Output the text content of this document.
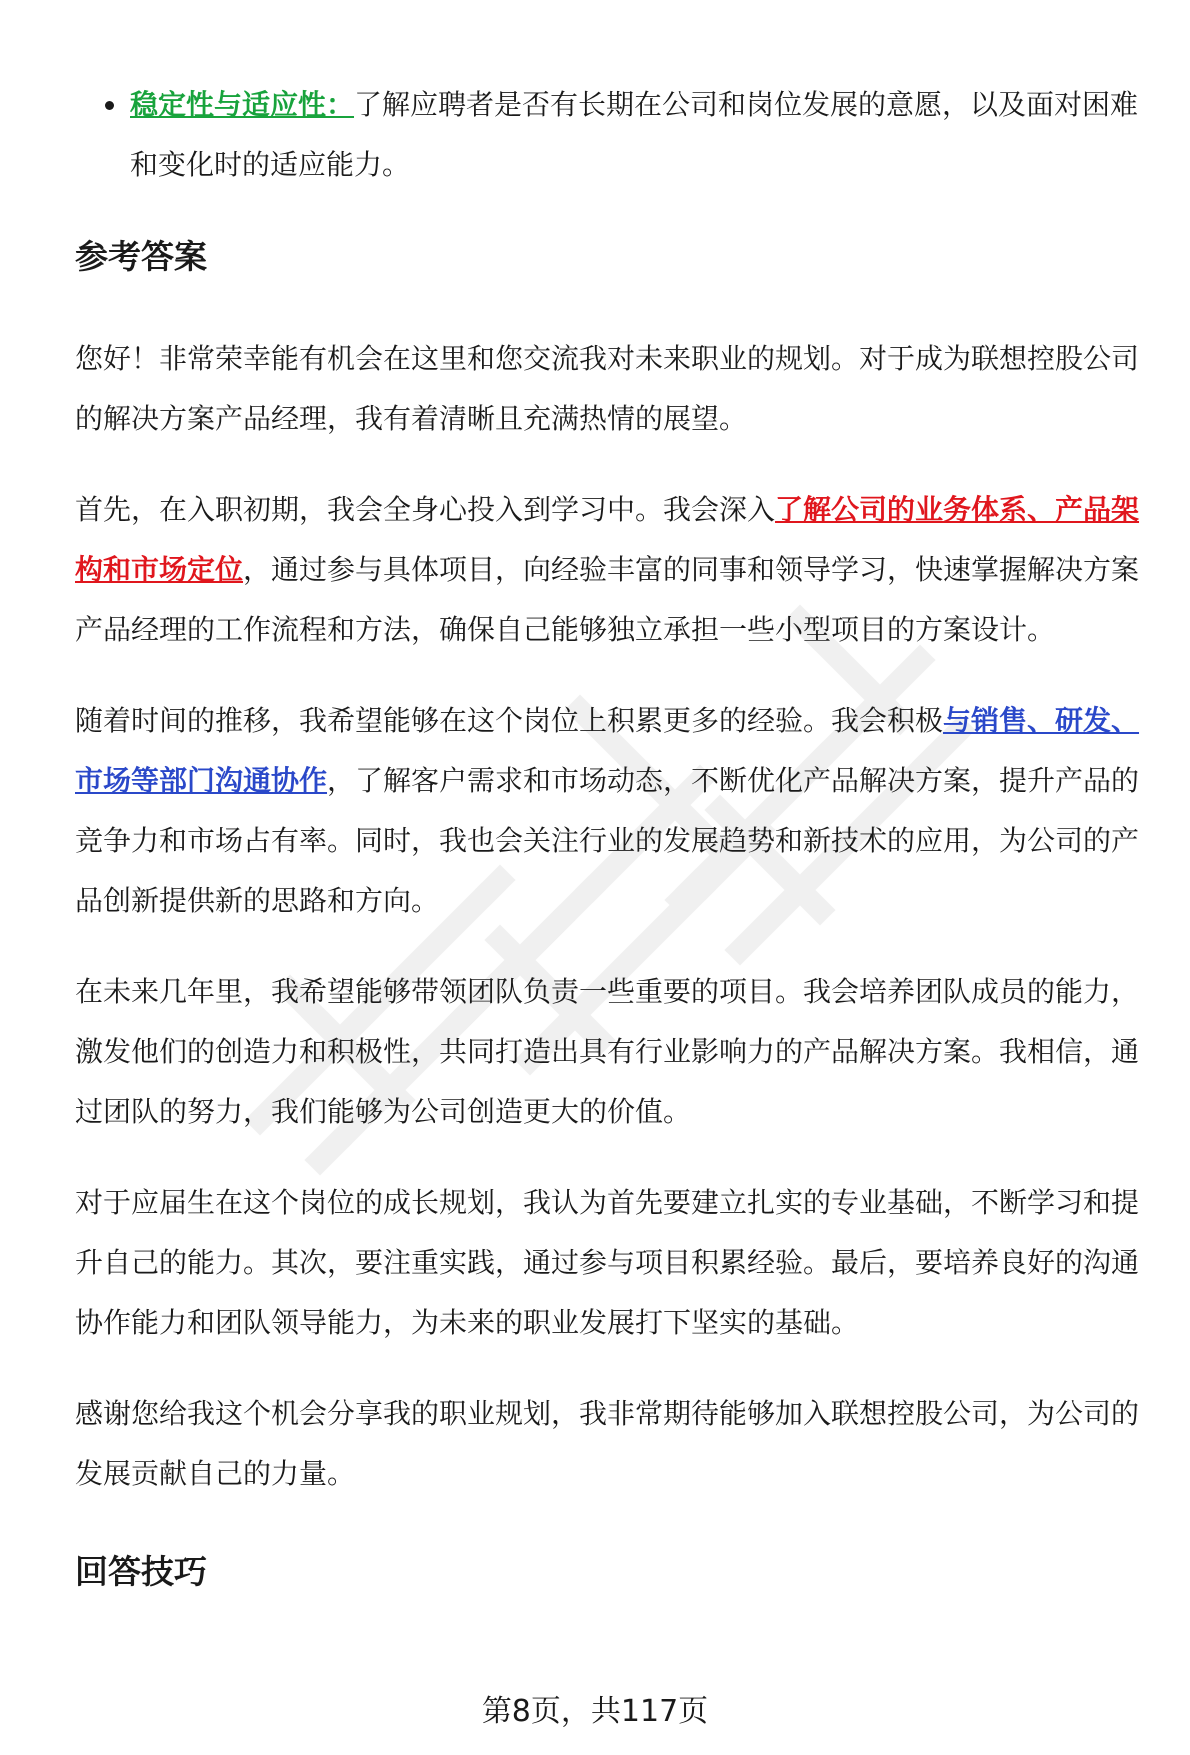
稳定性与适应性：了解应聘者是否有长期在公司和岗位发展的意愿，以及面对困难和变化时的适应能力。
参考答案

您好！非常荣幸能有机会在这里和您交流我对未来职业的规划。对于成为联想控股公司的解决方案产品经理，我有着清晰且充满热情的展望。

首先，在入职初期，我会全身心投入到学习中。我会深入了解公司的业务体系、产品架构和市场定位，通过参与具体项目，向经验丰富的同事和领导学习，快速掌握解决方案产品经理的工作流程和方法，确保自己能够独立承担一些小型项目的方案设计。

随着时间的推移，我希望能够在这个岗位上积累更多的经验。我会积极与销售、研发、市场等部门沟通协作，了解客户需求和市场动态，不断优化产品解决方案，提升产品的竞争力和市场占有率。同时，我也会关注行业的发展趋势和新技术的应用，为公司的产品创新提供新的思路和方向。

在未来几年里，我希望能够带领团队负责一些重要的项目。我会培养团队成员的能力，激发他们的创造力和积极性，共同打造出具有行业影响力的产品解决方案。我相信，通过团队的努力，我们能够为公司创造更大的价值。

对于应届生在这个岗位的成长规划，我认为首先要建立扎实的专业基础，不断学习和提升自己的能力。其次，要注重实践，通过参与项目积累经验。最后，要培养良好的沟通协作能力和团队领导能力，为未来的职业发展打下坚实的基础。

感谢您给我这个机会分享我的职业规划，我非常期待能够加入联想控股公司，为公司的发展贡献自己的力量。

回答技巧
第8页，共117页
